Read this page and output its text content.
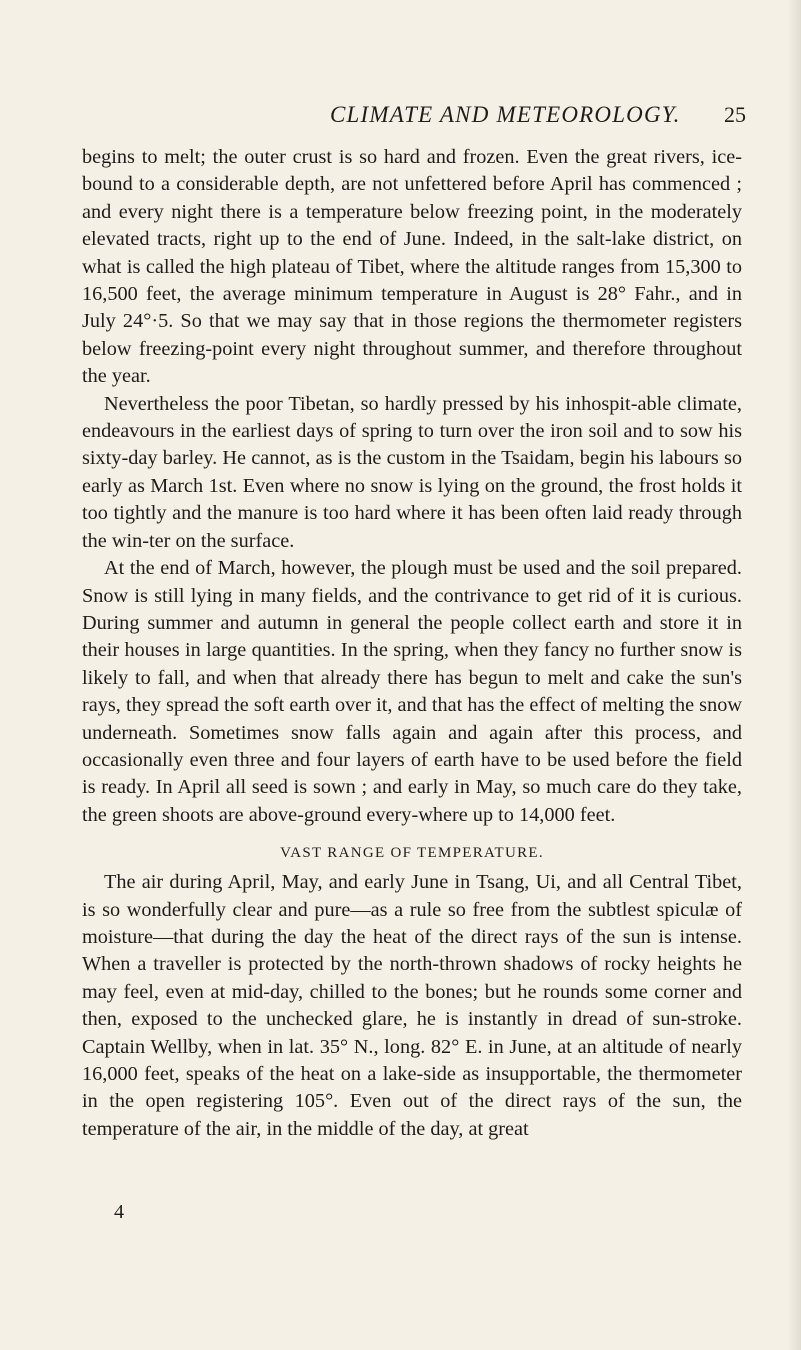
CLIMATE AND METEOROLOGY. 25

begins to melt; the outer crust is so hard and frozen. Even the great rivers, ice-bound to a considerable depth, are not unfettered before April has commenced ; and every night there is a temperature below freezing point, in the moderately elevated tracts, right up to the end of June. Indeed, in the salt-lake district, on what is called the high plateau of Tibet, where the altitude ranges from 15,300 to 16,500 feet, the average minimum temperature in August is 28° Fahr., and in July 24°·5. So that we may say that in those regions the thermometer registers below freezing-point every night throughout summer, and therefore throughout the year.

Nevertheless the poor Tibetan, so hardly pressed by his inhospit-able climate, endeavours in the earliest days of spring to turn over the iron soil and to sow his sixty-day barley. He cannot, as is the custom in the Tsaidam, begin his labours so early as March 1st. Even where no snow is lying on the ground, the frost holds it too tightly and the manure is too hard where it has been often laid ready through the win-ter on the surface.

At the end of March, however, the plough must be used and the soil prepared. Snow is still lying in many fields, and the contrivance to get rid of it is curious. During summer and autumn in general the people collect earth and store it in their houses in large quantities. In the spring, when they fancy no further snow is likely to fall, and when that already there has begun to melt and cake the sun's rays, they spread the soft earth over it, and that has the effect of melting the snow underneath. Sometimes snow falls again and again after this process, and occasionally even three and four layers of earth have to be used before the field is ready. In April all seed is sown ; and early in May, so much care do they take, the green shoots are above-ground every-where up to 14,000 feet.

VAST RANGE OF TEMPERATURE.

The air during April, May, and early June in Tsang, Ui, and all Central Tibet, is so wonderfully clear and pure—as a rule so free from the subtlest spiculæ of moisture—that during the day the heat of the direct rays of the sun is intense. When a traveller is protected by the north-thrown shadows of rocky heights he may feel, even at mid-day, chilled to the bones; but he rounds some corner and then, exposed to the unchecked glare, he is instantly in dread of sun-stroke. Captain Wellby, when in lat. 35° N., long. 82° E. in June, at an altitude of nearly 16,000 feet, speaks of the heat on a lake-side as insupportable, the thermometer in the open registering 105°. Even out of the direct rays of the sun, the temperature of the air, in the middle of the day, at great

4
